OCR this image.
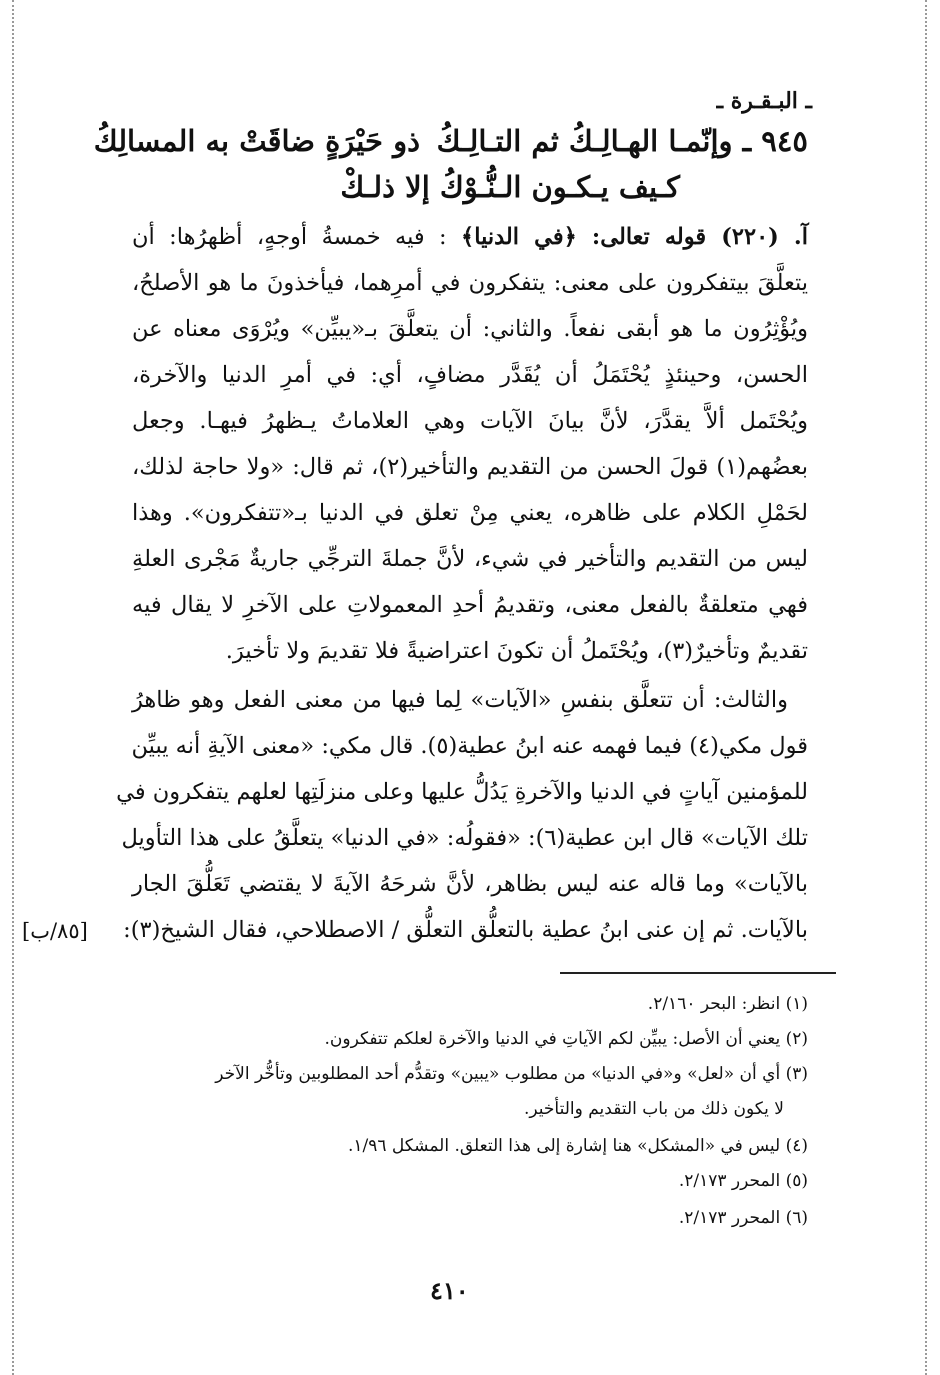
ـ البـقـرة ـ
٩٤٥ ـ وإنّمـا الهـالِـكُ ثم التـالِـكُ
ذو حَيْرَةٍ ضاقَتْ به المسالِكُ
كـيف يـكـون الـنُّـوْكُ إلا ذلـكْ
آ. (٢٢٠) قوله تعالى: ﴿في الدنيا﴾ : فيه خمسةُ أوجهٍ، أظهرُها: أن
يتعلَّقَ بيتفكرون على معنى: يتفكرون في أمرِهما، فيأخذونَ ما هو الأصلحُ،
ويُؤْثِرُون ما هو أبقى نفعاً. والثاني: أن يتعلَّقَ بـ«يبيِّن» ويُرْوَى معناه عن
الحسن، وحينئذٍ يُحْتَمَلُ أن يُقَدَّر مضافٍ، أي: في أمرِ الدنيا والآخرة،
ويُحْتَمل ألاَّ يقدَّرَ، لأنَّ بيانَ الآيات وهي العلاماتُ يـظهرُ فيهـا. وجعل
بعضُهم(١) قولَ الحسن من التقديم والتأخير(٢)، ثم قال: «ولا حاجة لذلك،
لحَمْلِ الكلام على ظاهره، يعني مِنْ تعلق في الدنيا بـ«تتفكرون». وهذا
ليس من التقديم والتأخير في شيء، لأنَّ جملةَ الترجِّي جاريةٌ مَجْرى العلةِ
فهي متعلقةٌ بالفعل معنى، وتقديمُ أحدِ المعمولاتِ على الآخرِ لا يقال فيه
تقديمٌ وتأخيرٌ(٣)، ويُحْتَملُ أن تكونَ اعتراضيةً فلا تقديمَ ولا تأخيرَ.
والثالث: أن تتعلَّق بنفسِ «الآيات» لِما فيها من معنى الفعل وهو ظاهرُ
قول مكي(٤) فيما فهمه عنه ابنُ عطية(٥). قال مكي: «معنى الآيةِ أنه يبيِّن
للمؤمنين آياتٍ في الدنيا والآخرةِ يَدُلُّ عليها وعلى منزلَتِها لعلهم يتفكرون في
تلك الآيات» قال ابن عطية(٦): «فقولُه: «في الدنيا» يتعلَّقُ على هذا التأويل
بالآيات» وما قاله عنه ليس بظاهر، لأنَّ شرحَهُ الآيةَ لا يقتضي تَعَلُّقَ الجار
بالآيات. ثم إن عنى ابنُ عطية بالتعلُّق التعلُّق / الاصطلاحي، فقال الشيخ(٣):
[٨٥/ب]
(١) انظر: البحر ٢/١٦٠.
(٢) يعني أن الأصل: يبيِّن لكم الآياتِ في الدنيا والآخرة لعلكم تتفكرون.
(٣) أي أن «لعل» و«في الدنيا» من مطلوب «يبين» وتقدُّم أحد المطلوبين وتأخُّر الآخر
لا يكون ذلك من باب التقديم والتأخير.
(٤) ليس في «المشكل» هنا إشارة إلى هذا التعلق. المشكل ١/٩٦.
(٥) المحرر ٢/١٧٣.
(٦) المحرر ٢/١٧٣.
٤١٠
